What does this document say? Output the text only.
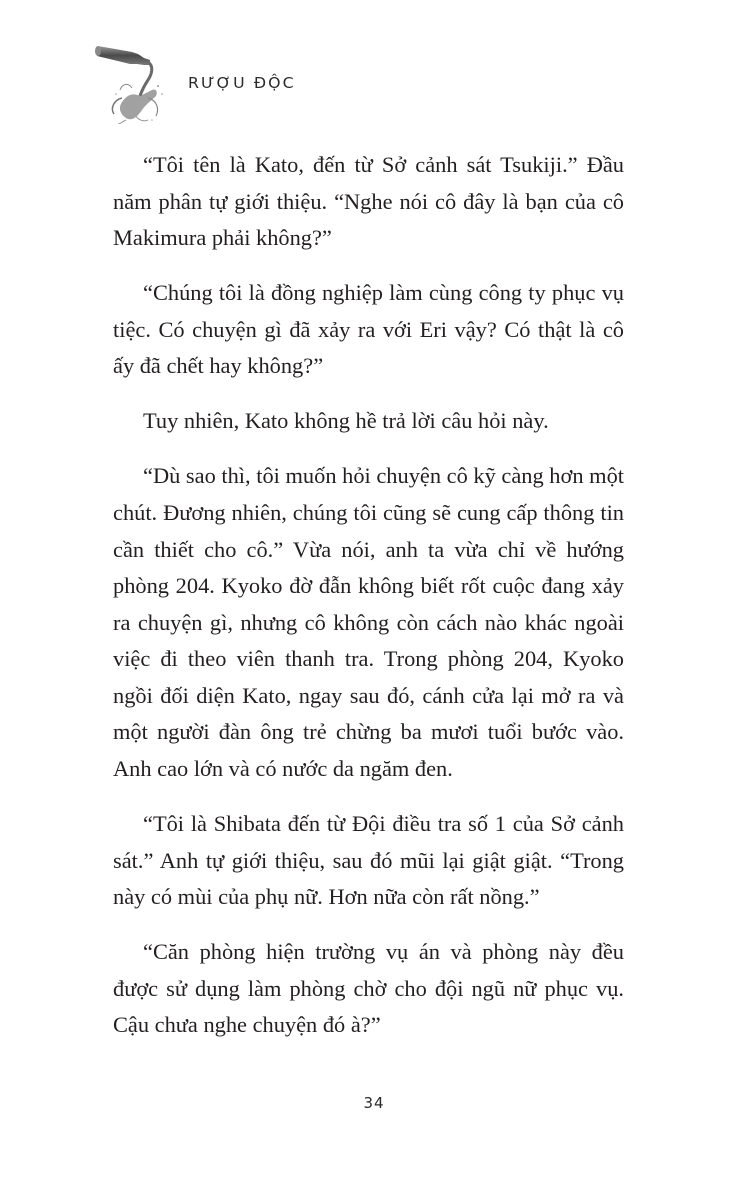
RƯỢU ĐỘC

“Tôi tên là Kato, đến từ Sở cảnh sát Tsukiji.” Đầu năm phân tự giới thiệu. “Nghe nói cô đây là bạn của cô Makimura phải không?”

“Chúng tôi là đồng nghiệp làm cùng công ty phục vụ tiệc. Có chuyện gì đã xảy ra với Eri vậy? Có thật là cô ấy đã chết hay không?”

Tuy nhiên, Kato không hề trả lời câu hỏi này.

“Dù sao thì, tôi muốn hỏi chuyện cô kỹ càng hơn một chút. Đương nhiên, chúng tôi cũng sẽ cung cấp thông tin cần thiết cho cô.” Vừa nói, anh ta vừa chỉ về hướng phòng 204. Kyoko đờ đẫn không biết rốt cuộc đang xảy ra chuyện gì, nhưng cô không còn cách nào khác ngoài việc đi theo viên thanh tra. Trong phòng 204, Kyoko ngồi đối diện Kato, ngay sau đó, cánh cửa lại mở ra và một người đàn ông trẻ chừng ba mươi tuổi bước vào. Anh cao lớn và có nước da ngăm đen.

“Tôi là Shibata đến từ Đội điều tra số 1 của Sở cảnh sát.” Anh tự giới thiệu, sau đó mũi lại giật giật. “Trong này có mùi của phụ nữ. Hơn nữa còn rất nồng.”

“Căn phòng hiện trường vụ án và phòng này đều được sử dụng làm phòng chờ cho đội ngũ nữ phục vụ. Cậu chưa nghe chuyện đó à?”

34
